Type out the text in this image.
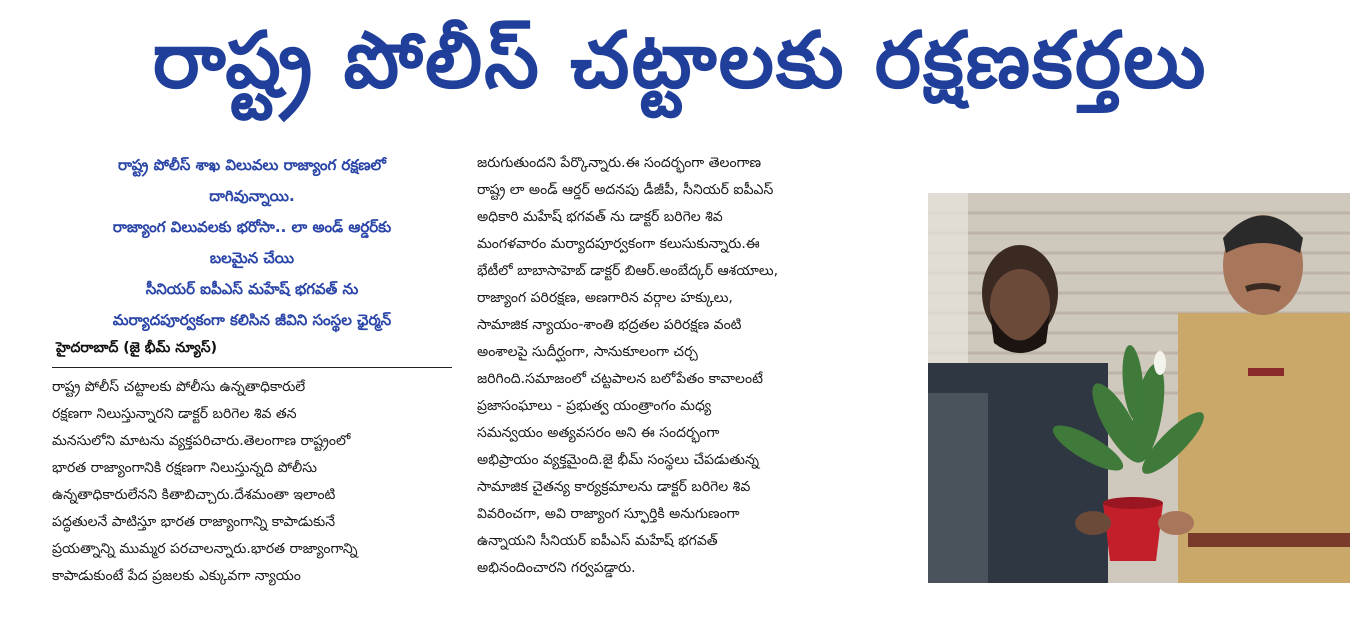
రాష్ట్ర పోలీస్ చట్టాలకు రక్షణకర్తలు

రాష్ట్ర పోలీస్ శాఖ విలువలు రాజ్యాంగ రక్షణలో

దాగివున్నాయి.

రాజ్యాంగ విలువలకు భరోసా.. లా అండ్ ఆర్డర్‌కు

బలమైన చేయి

సీనియర్ ఐపీఎస్ మహేష్ భగవత్ ను

మర్యాదపూర్వకంగా కలిసిన జీవిని సంస్థల ఛైర్మన్

హైదరాబాద్ (జై భీమ్ న్యూస్)

రాష్ట్ర పోలీస్ చట్టాలకు పోలీసు ఉన్నతాధికారులే

రక్షణగా నిలుస్తున్నారని డాక్టర్ బరిగెల శివ తన

మనసులోని మాటను వ్యక్తపరిచారు.తెలంగాణ రాష్ట్రంలో

భారత రాజ్యాంగానికి రక్షణగా నిలుస్తున్నది పోలీసు

ఉన్నతాధికారులేనని కితాబిచ్చారు.దేశమంతా ఇలాంటి

పద్ధతులనే పాటిస్తూ భారత రాజ్యాంగాన్ని కాపాడుకునే

ప్రయత్నాన్ని ముమ్మర పరచాలన్నారు.భారత రాజ్యాంగాన్ని

కాపాడుకుంటే పేద ప్రజలకు ఎక్కువగా న్యాయం

జరుగుతుందని పేర్కొన్నారు.ఈ సందర్భంగా తెలంగాణ

రాష్ట్ర లా అండ్ ఆర్డర్ అదనపు డీజీపీ, సీనియర్ ఐపీఎస్

అధికారి మహేష్ భగవత్ ను డాక్టర్ బరిగెల శివ

మంగళవారం మర్యాదపూర్వకంగా కలుసుకున్నారు.ఈ

భేటీలో బాబాసాహెబ్ డాక్టర్ బిఆర్.అంబేద్కర్ ఆశయాలు,

రాజ్యాంగ పరిరక్షణ, అణగారిన వర్గాల హక్కులు,

సామాజిక న్యాయం-శాంతి భద్రతల పరిరక్షణ వంటి

అంశాలపై సుదీర్ఘంగా, సానుకూలంగా చర్చ

జరిగింది.సమాజంలో చట్టపాలన బలోపేతం కావాలంటే

ప్రజాసంఘాలు - ప్రభుత్వ యంత్రాంగం మధ్య

సమన్వయం అత్యవసరం అని ఈ సందర్భంగా

అభిప్రాయం వ్యక్తమైంది.జై భీమ్ సంస్థలు చేపడుతున్న

సామాజిక చైతన్య కార్యక్రమాలను డాక్టర్ బరిగెల శివ

వివరించగా, అవి రాజ్యాంగ స్ఫూర్తికి అనుగుణంగా

ఉన్నాయని సీనియర్ ఐపీఎస్ మహేష్ భగవత్

అభినందించారని గర్వపడ్డారు.
